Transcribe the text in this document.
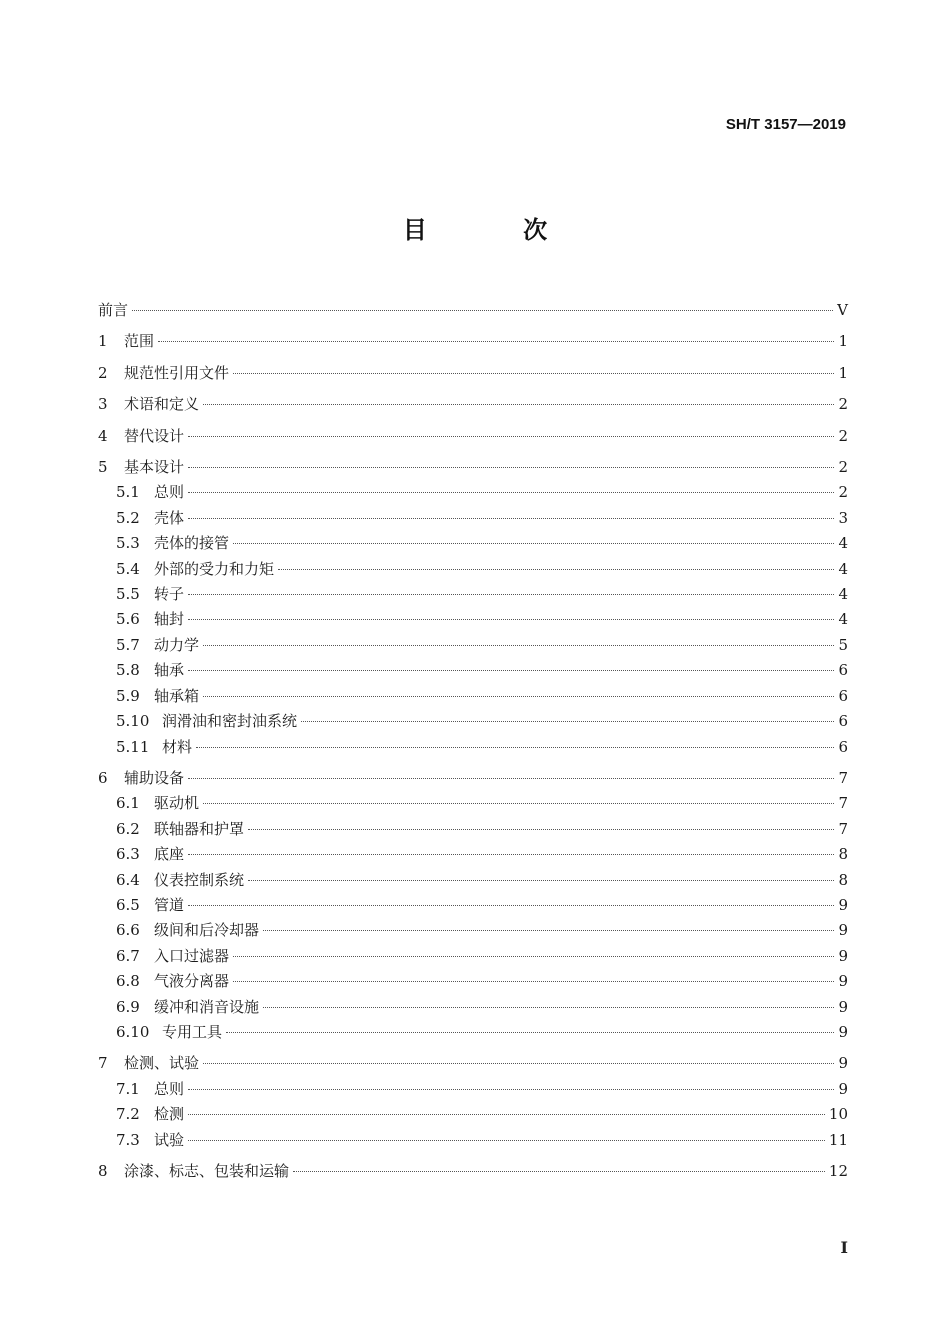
SH/T 3157—2019
目 次
前言	V
1	范围	1
2	规范性引用文件	1
3	术语和定义	2
4	替代设计	2
5	基本设计	2
5.1 总则	2
5.2 壳体	3
5.3 壳体的接管	4
5.4 外部的受力和力矩	4
5.5 转子	4
5.6 轴封	4
5.7 动力学	5
5.8 轴承	6
5.9 轴承箱	6
5.10 润滑油和密封油系统	6
5.11 材料	6
6	辅助设备	7
6.1 驱动机	7
6.2 联轴器和护罩	7
6.3 底座	8
6.4 仪表控制系统	8
6.5 管道	9
6.6 级间和后冷却器	9
6.7 入口过滤器	9
6.8 气液分离器	9
6.9 缓冲和消音设施	9
6.10 专用工具	9
7	检测、试验	9
7.1 总则	9
7.2 检测	10
7.3 试验	11
8	涂漆、标志、包装和运输	12
I
